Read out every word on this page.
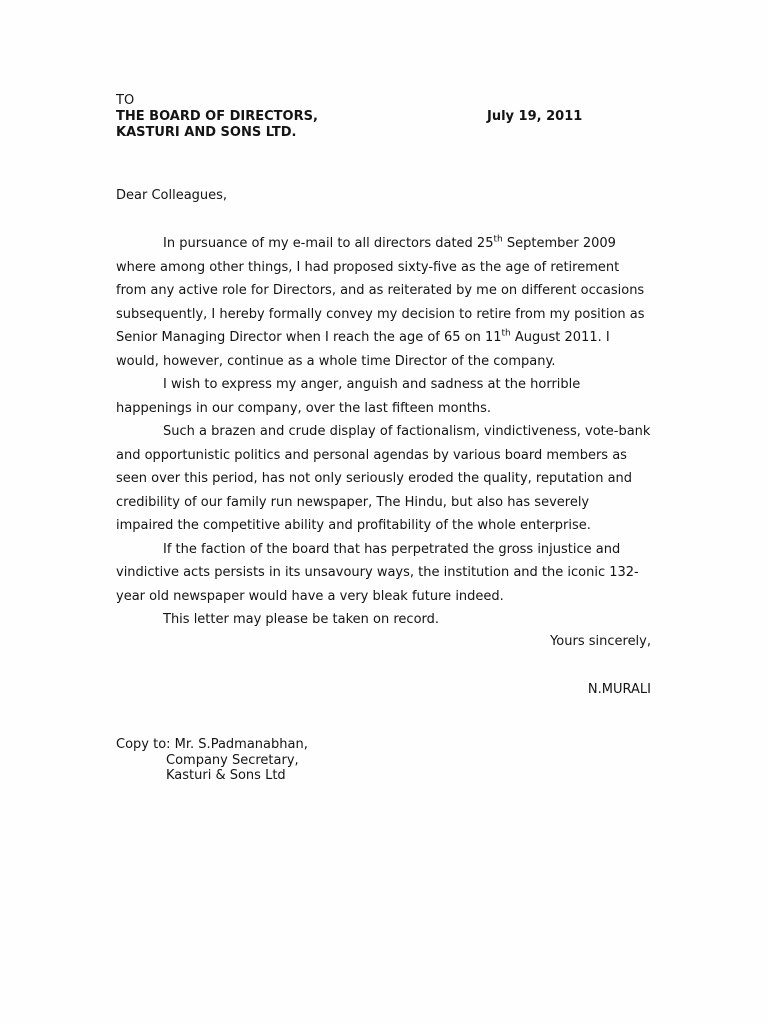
TO
THE BOARD OF DIRECTORS,
KASTURI AND SONS LTD.
July 19, 2011
Dear Colleagues,

In pursuance of my e-mail to all directors dated 25th September 2009
where among other things, I had proposed sixty-five as the age of retirement
from any active role for Directors, and as reiterated by me on different occasions
subsequently, I hereby formally convey my decision to retire from my position as
Senior Managing Director when I reach the age of 65 on 11th August 2011. I
would, however, continue as a whole time Director of the company.

I wish to express my anger, anguish and sadness at the horrible
happenings in our company, over the last fifteen months.

Such a brazen and crude display of factionalism, vindictiveness, vote-bank
and opportunistic politics and personal agendas by various board members as
seen over this period, has not only seriously eroded the quality, reputation and
credibility of our family run newspaper, The Hindu, but also has severely
impaired the competitive ability and profitability of the whole enterprise.

If the faction of the board that has perpetrated the gross injustice and
vindictive acts persists in its unsavoury ways, the institution and the iconic 132-
year old newspaper would have a very bleak future indeed.

This letter may please be taken on record.

Yours sincerely,
N.MURALI
Copy to: Mr. S.Padmanabhan,
Company Secretary,
Kasturi & Sons Ltd
